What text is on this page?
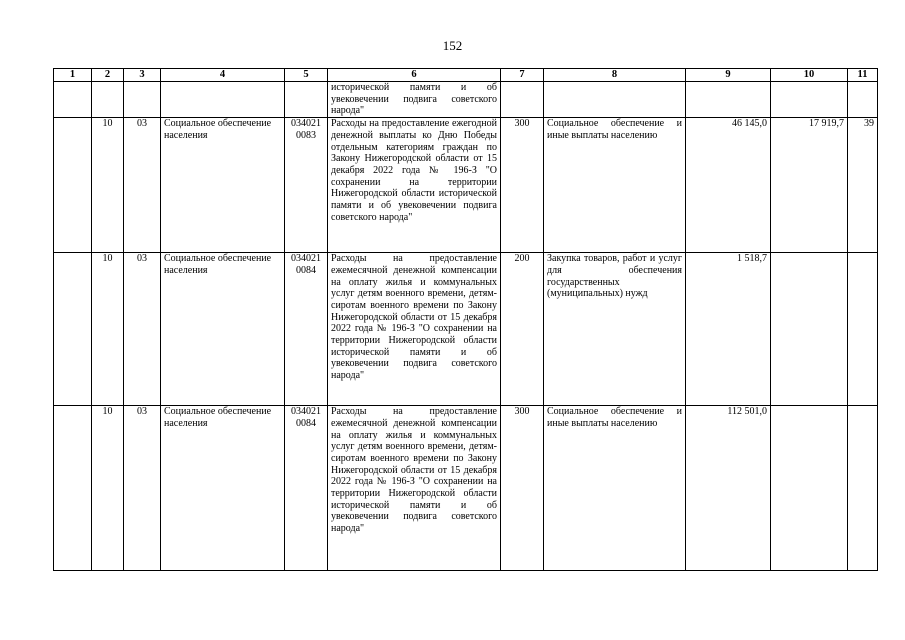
152
1	2	3	4	5	6	7	8	9	10	11
					исторической памяти и об увековечении подвига советского народа"					
	10	03	Социальное обеспечение населения	034021 0083	Расходы на предоставление ежегодной денежной выплаты ко Дню Победы отдельным категориям граждан по Закону Нижегородской области от 15 декабря 2022 года № 196-З "О сохранении на территории Нижегородской области исторической памяти и об увековечении подвига советского народа"	300	Социальное обеспечение и иные выплаты населению	46 145,0	17 919,7	39
	10	03	Социальное обеспечение населения	034021 0084	Расходы на предоставление ежемесячной денежной компенсации на оплату жилья и коммунальных услуг детям военного времени, детям-сиротам военного времени по Закону Нижегородской области от 15 декабря 2022 года № 196-З "О сохранении на территории Нижегородской области исторической памяти и об увековечении подвига советского народа"	200	Закупка товаров, работ и услуг для обеспечения государственных (муниципальных) нужд	1 518,7		
	10	03	Социальное обеспечение населения	034021 0084	Расходы на предоставление ежемесячной денежной компенсации на оплату жилья и коммунальных услуг детям военного времени, детям-сиротам военного времени по Закону Нижегородской области от 15 декабря 2022 года № 196-З "О сохранении на территории Нижегородской области исторической памяти и об увековечении подвига советского народа"	300	Социальное обеспечение и иные выплаты населению	112 501,0		
